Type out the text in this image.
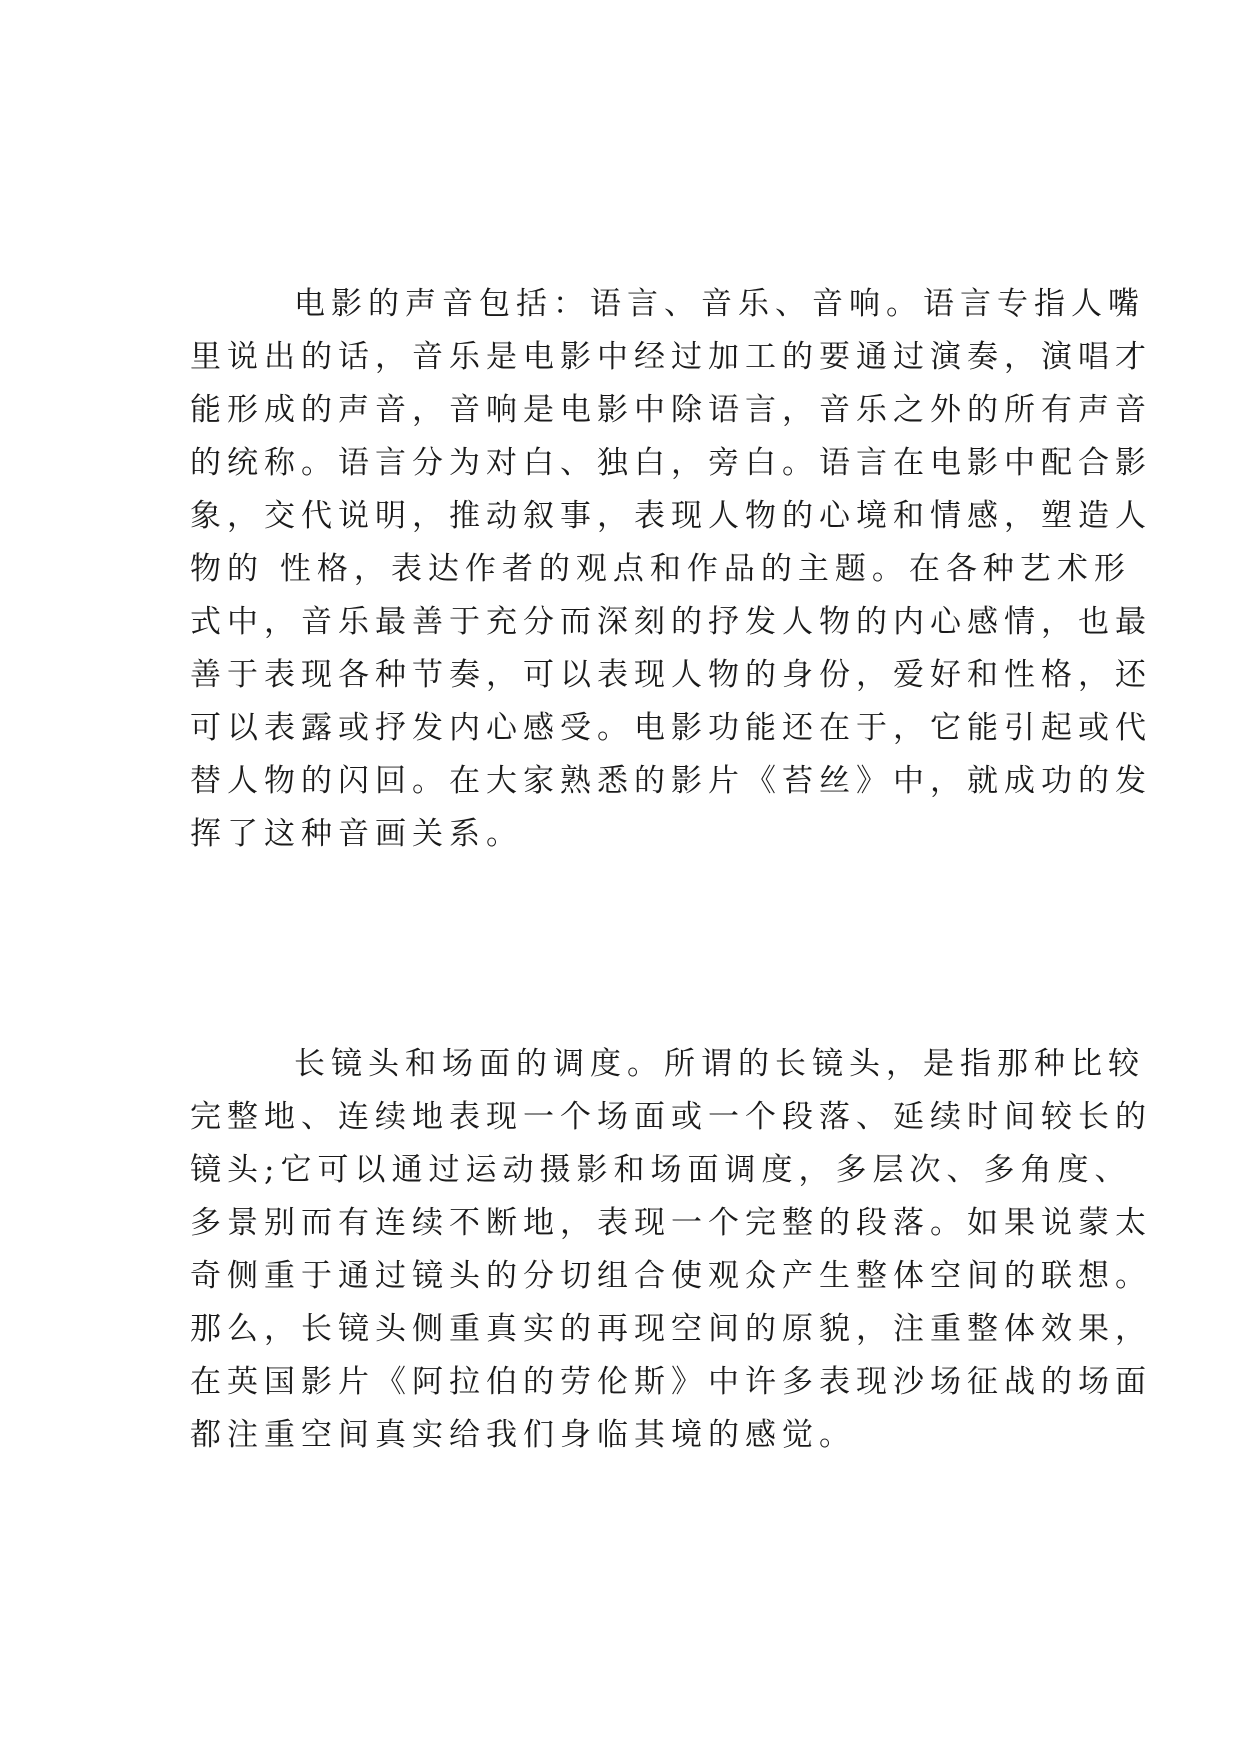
电影的声音包括：语言、音乐、音响。语言专指人嘴
里说出的话，音乐是电影中经过加工的要通过演奏，演唱才
能形成的声音，音响是电影中除语言，音乐之外的所有声音
的统称。语言分为对白、独白，旁白。语言在电影中配合影
象，交代说明，推动叙事，表现人物的心境和情感，塑造人
物的 性格，表达作者的观点和作品的主题。在各种艺术形
式中，音乐最善于充分而深刻的抒发人物的内心感情，也最
善于表现各种节奏，可以表现人物的身份，爱好和性格，还
可以表露或抒发内心感受。电影功能还在于，它能引起或代
替人物的闪回。在大家熟悉的影片《苔丝》中，就成功的发
挥了这种音画关系。
长镜头和场面的调度。所谓的长镜头，是指那种比较
完整地、连续地表现一个场面或一个段落、延续时间较长的
镜头;它可以通过运动摄影和场面调度，多层次、多角度、
多景别而有连续不断地，表现一个完整的段落。如果说蒙太
奇侧重于通过镜头的分切组合使观众产生整体空间的联想。
那么，长镜头侧重真实的再现空间的原貌，注重整体效果，
在英国影片《阿拉伯的劳伦斯》中许多表现沙场征战的场面
都注重空间真实给我们身临其境的感觉。
